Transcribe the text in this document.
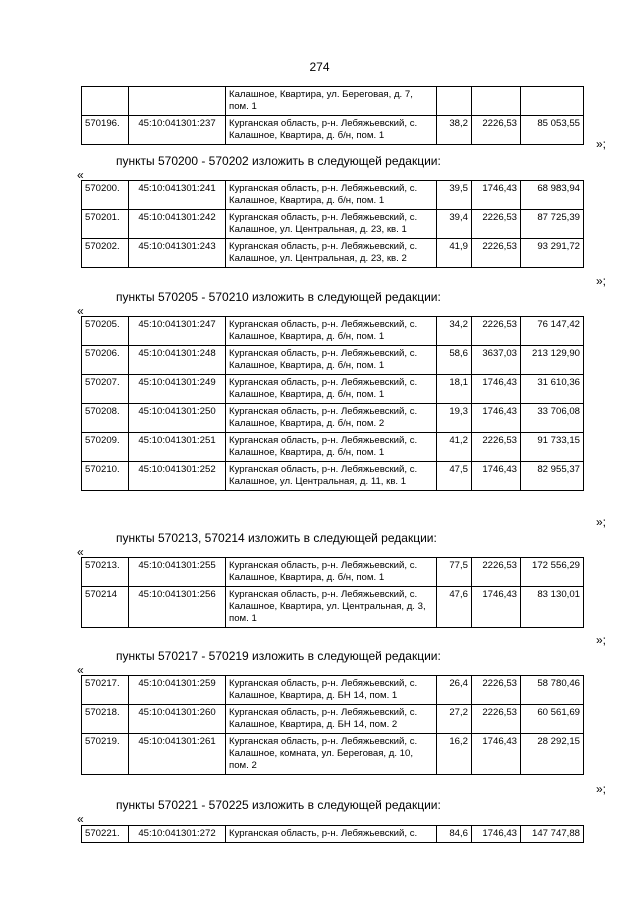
274
		Калашное, Квартира, ул. Береговая, д. 7, пом. 1			
570196.	45:10:041301:237	Курганская область, р-н. Лебяжьевский, с. Калашное, Квартира, д. б/н, пом. 1	38,2	2226,53	85 053,55
»;
пункты 570200 - 570202 изложить в следующей редакции:
«
570200.	45:10:041301:241	Курганская область, р-н. Лебяжьевский, с. Калашное, Квартира, д. б/н, пом. 1	39,5	1746,43	68 983,94
570201.	45:10:041301:242	Курганская область, р-н. Лебяжьевский, с. Калашное, ул. Центральная, д. 23, кв. 1	39,4	2226,53	87 725,39
570202.	45:10:041301:243	Курганская область, р-н. Лебяжьевский, с. Калашное, ул. Центральная, д. 23, кв. 2	41,9	2226,53	93 291,72
»;
пункты 570205 - 570210 изложить в следующей редакции:
«
570205.	45:10:041301:247	Курганская область, р-н. Лебяжьевский, с. Калашное, Квартира, д. б/н, пом. 1	34,2	2226,53	76 147,42
570206.	45:10:041301:248	Курганская область, р-н. Лебяжьевский, с. Калашное, Квартира, д. б/н, пом. 1	58,6	3637,03	213 129,90
570207.	45:10:041301:249	Курганская область, р-н. Лебяжьевский, с. Калашное, Квартира, д. б/н, пом. 1	18,1	1746,43	31 610,36
570208.	45:10:041301:250	Курганская область, р-н. Лебяжьевский, с. Калашное, Квартира, д. б/н, пом. 2	19,3	1746,43	33 706,08
570209.	45:10:041301:251	Курганская область, р-н. Лебяжьевский, с. Калашное, Квартира, д. б/н, пом. 1	41,2	2226,53	91 733,15
570210.	45:10:041301:252	Курганская область, р-н. Лебяжьевский, с. Калашное, ул. Центральная, д. 11, кв. 1	47,5	1746,43	82 955,37
»;
пункты 570213, 570214 изложить в следующей редакции:
«
570213.	45:10:041301:255	Курганская область, р-н. Лебяжьевский, с. Калашное, Квартира, д. б/н, пом. 1	77,5	2226,53	172 556,29
570214	45:10:041301:256	Курганская область, р-н. Лебяжьевский, с. Калашное, Квартира, ул. Центральная, д. 3, пом. 1	47,6	1746,43	83 130,01
»;
пункты 570217 - 570219 изложить в следующей редакции:
«
570217.	45:10:041301:259	Курганская область, р-н. Лебяжьевский, с. Калашное, Квартира, д. БН 14, пом. 1	26,4	2226,53	58 780,46
570218.	45:10:041301:260	Курганская область, р-н. Лебяжьевский, с. Калашное, Квартира, д. БН 14, пом. 2	27,2	2226,53	60 561,69
570219.	45:10:041301:261	Курганская область, р-н. Лебяжьевский, с. Калашное, комната, ул. Береговая, д. 10, пом. 2	16,2	1746,43	28 292,15
»;
пункты 570221 - 570225 изложить в следующей редакции:
«
570221.	45:10:041301:272	Курганская область, р-н. Лебяжьевский, с.	84,6	1746,43	147 747,88
